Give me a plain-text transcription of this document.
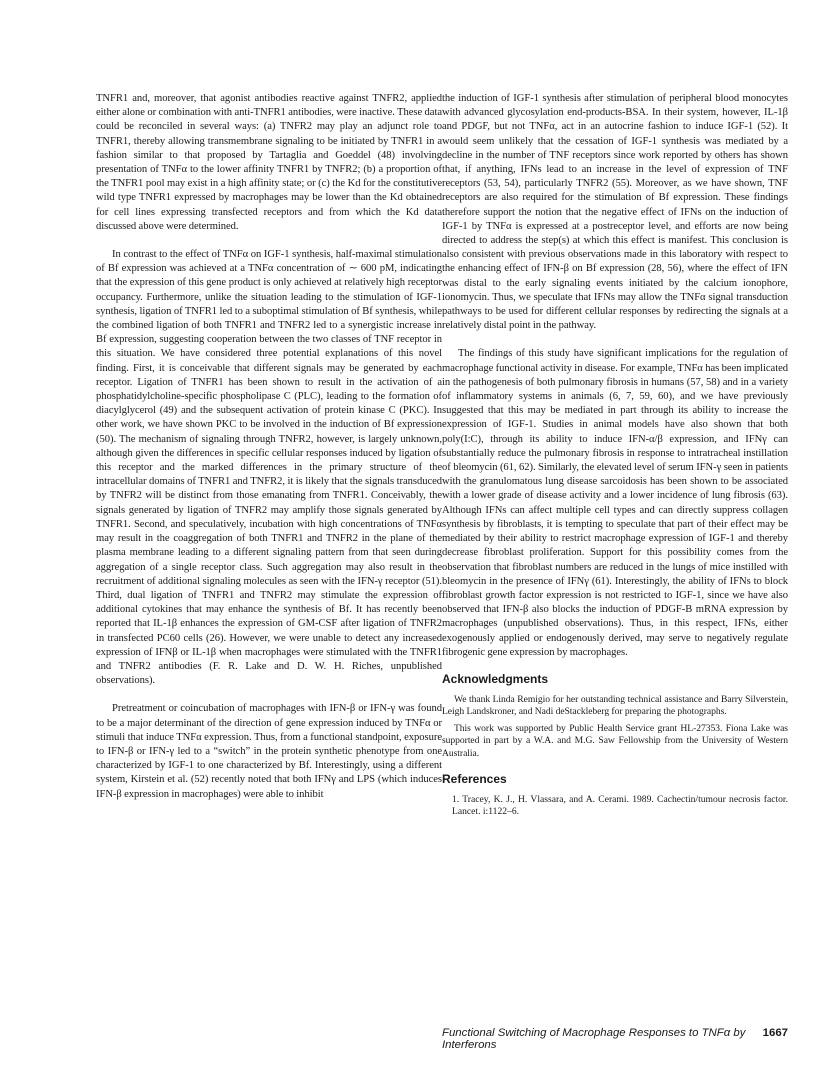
TNFR1 and, moreover, that agonist antibodies reactive against TNFR2, applied either alone or combination with anti-TNFR1 antibodies, were inactive. These data could be reconciled in several ways: (a) TNFR2 may play an adjunct role to TNFR1, thereby allowing transmembrane signaling to be initiated by TNFR1 in a fashion similar to that proposed by Tartaglia and Goeddel (48) involving presentation of TNFα to the lower affinity TNFR1 by TNFR2; (b) a proportion of the TNFR1 pool may exist in a high affinity state; or (c) the Kd for the constitutive wild type TNFR1 expressed by macrophages may be lower than the Kd obtained for cell lines expressing transfected receptors and from which the Kd data discussed above were determined.

In contrast to the effect of TNFα on IGF-1 synthesis, half-maximal stimulation of Bf expression was achieved at a TNFα concentration of ∼ 600 pM, indicating that the expression of this gene product is only achieved at relatively high receptor occupancy. Furthermore, unlike the situation leading to the stimulation of IGF-1 synthesis, ligation of TNFR1 led to a suboptimal stimulation of Bf synthesis, while the combined ligation of both TNFR1 and TNFR2 led to a synergistic increase in Bf expression, suggesting cooperation between the two classes of TNF receptor in this situation. We have considered three potential explanations of this novel finding. First, it is conceivable that different signals may be generated by each receptor. Ligation of TNFR1 has been shown to result in the activation of a phosphatidylcholine-specific phospholipase C (PLC), leading to the formation of diacylglycerol (49) and the subsequent activation of protein kinase C (PKC). In other work, we have shown PKC to be involved in the induction of Bf expression (50). The mechanism of signaling through TNFR2, however, is largely unknown, although given the differences in specific cellular responses induced by ligation of this receptor and the marked differences in the primary structure of the intracellular domains of TNFR1 and TNFR2, it is likely that the signals transduced by TNFR2 will be distinct from those emanating from TNFR1. Conceivably, the signals generated by ligation of TNFR2 may amplify those signals generated by TNFR1. Second, and speculatively, incubation with high concentrations of TNFα may result in the coaggregation of both TNFR1 and TNFR2 in the plane of the plasma membrane leading to a different signaling pattern from that seen during aggregation of a single receptor class. Such aggregation may also result in the recruitment of additional signaling molecules as seen with the IFN-γ receptor (51). Third, dual ligation of TNFR1 and TNFR2 may stimulate the expression of additional cytokines that may enhance the synthesis of Bf. It has recently been reported that IL-1β enhances the expression of GM-CSF after ligation of TNFR2 in transfected PC60 cells (26). However, we were unable to detect any increased expression of IFNβ or IL-1β when macrophages were stimulated with the TNFR1 and TNFR2 antibodies (F. R. Lake and D. W. H. Riches, unpublished observations).

Pretreatment or coincubation of macrophages with IFN-β or IFN-γ was found to be a major determinant of the direction of gene expression induced by TNFα or stimuli that induce TNFα expression. Thus, from a functional standpoint, exposure to IFN-β or IFN-γ led to a “switch” in the protein synthetic phenotype from one characterized by IGF-1 to one characterized by Bf. Interestingly, using a different system, Kirstein et al. (52) recently noted that both IFNγ and LPS (which induces IFN-β expression in macrophages) were able to inhibit

the induction of IGF-1 synthesis after stimulation of peripheral blood monocytes with advanced glycosylation end-products-BSA. In their system, however, IL-1β and PDGF, but not TNFα, act in an autocrine fashion to induce IGF-1 (52). It would seem unlikely that the cessation of IGF-1 synthesis was mediated by a decline in the number of TNF receptors since work reported by others has shown that, if anything, IFNs lead to an increase in the level of expression of TNF receptors (53, 54), particularly TNFR2 (55). Moreover, as we have shown, TNF receptors are also required for the stimulation of Bf expression. These findings therefore support the notion that the negative effect of IFNs on the induction of IGF-1 by TNFα is expressed at a postreceptor level, and efforts are now being directed to address the step(s) at which this effect is manifest. This conclusion is also consistent with previous observations made in this laboratory with respect to the enhancing effect of IFN-β on Bf expression (28, 56), where the effect of IFN was distal to the early signaling events initiated by the calcium ionophore, ionomycin. Thus, we speculate that IFNs may allow the TNFα signal transduction pathways to be used for different cellular responses by redirecting the signals at a relatively distal point in the pathway.

The findings of this study have significant implications for the regulation of macrophage functional activity in disease. For example, TNFα has been implicated in the pathogenesis of both pulmonary fibrosis in humans (57, 58) and in a variety of inflammatory systems in animals (6, 7, 59, 60), and we have previously suggested that this may be mediated in part through its ability to increase the expression of IGF-1. Studies in animal models have also shown that both poly(I:C), through its ability to induce IFN-α/β expression, and IFNγ can substantially reduce the pulmonary fibrosis in response to intratracheal instillation of bleomycin (61, 62). Similarly, the elevated level of serum IFN-γ seen in patients with the granulomatous lung disease sarcoidosis has been shown to be associated with a lower grade of disease activity and a lower incidence of lung fibrosis (63). Although IFNs can affect multiple cell types and can directly suppress collagen synthesis by fibroblasts, it is tempting to speculate that part of their effect may be mediated by their ability to restrict macrophage expression of IGF-1 and thereby decrease fibroblast proliferation. Support for this possibility comes from the observation that fibroblast numbers are reduced in the lungs of mice instilled with bleomycin in the presence of IFNγ (61). Interestingly, the ability of IFNs to block fibroblast growth factor expression is not restricted to IGF-1, since we have also observed that IFN-β also blocks the induction of PDGF-B mRNA expression by macrophages (unpublished observations). Thus, in this respect, IFNs, either exogenously applied or endogenously derived, may serve to negatively regulate fibrogenic gene expression by macrophages.

Acknowledgments

We thank Linda Remigio for her outstanding technical assistance and Barry Silverstein, Leigh Landskroner, and Nadi deStackleberg for preparing the photographs.

This work was supported by Public Health Service grant HL-27353. Fiona Lake was supported in part by a W.A. and M.G. Saw Fellowship from the University of Western Australia.

References

1. Tracey, K. J., H. Vlassara, and A. Cerami. 1989. Cachectin/tumour necrosis factor. Lancet. i:1122–6.

Functional Switching of Macrophage Responses to TNFα by Interferons
1667
